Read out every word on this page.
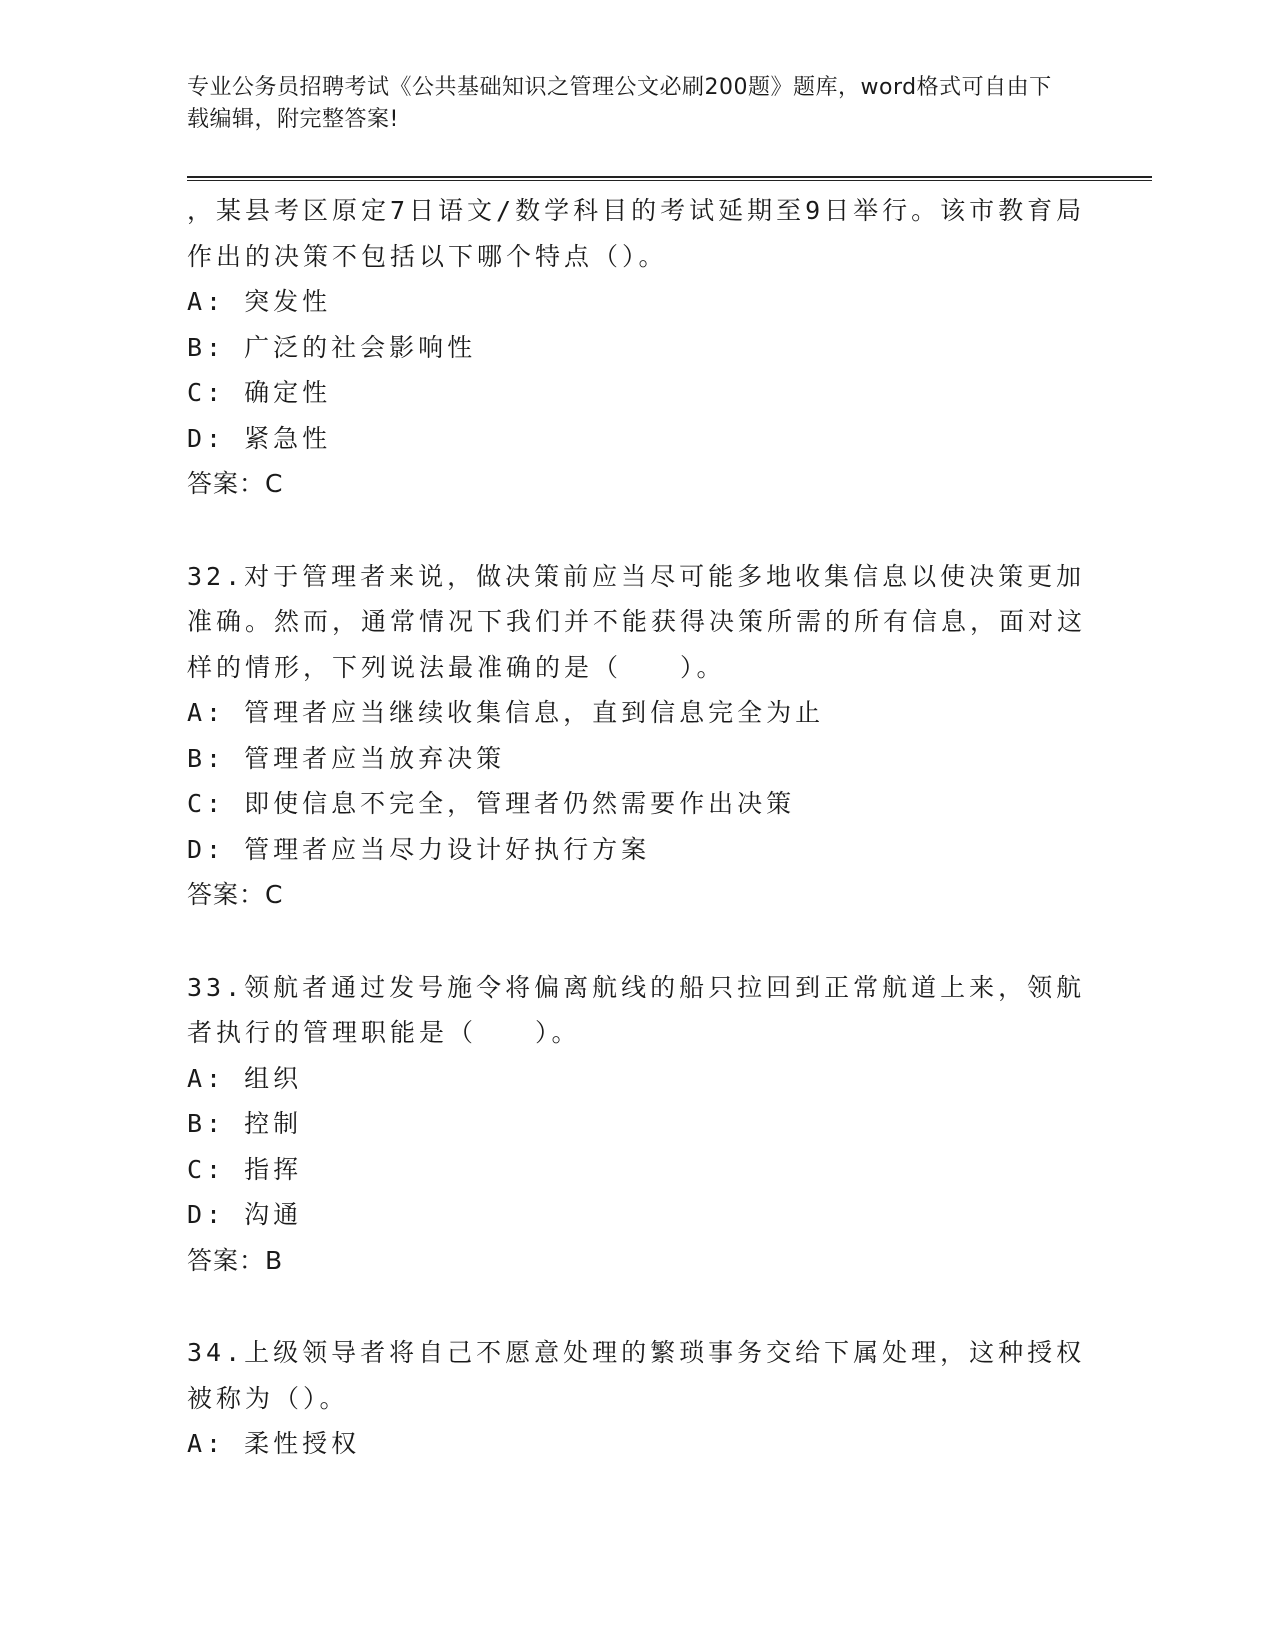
专业公务员招聘考试《公共基础知识之管理公文必刷200题》题库，word格式可自由下载编辑，附完整答案!
，某县考区原定7日语文/数学科目的考试延期至9日举行。该市教育局作出的决策不包括以下哪个特点（）。
A: 突发性
B: 广泛的社会影响性
C: 确定性
D: 紧急性
答案：C
32.对于管理者来说，做决策前应当尽可能多地收集信息以使决策更加准确。然而，通常情况下我们并不能获得决策所需的所有信息，面对这样的情形，下列说法最准确的是（　　）。
A: 管理者应当继续收集信息，直到信息完全为止
B: 管理者应当放弃决策
C: 即使信息不完全，管理者仍然需要作出决策
D: 管理者应当尽力设计好执行方案
答案：C
33.领航者通过发号施令将偏离航线的船只拉回到正常航道上来，领航者执行的管理职能是（　　）。
A: 组织
B: 控制
C: 指挥
D: 沟通
答案：B
34.上级领导者将自己不愿意处理的繁琐事务交给下属处理，这种授权被称为（）。
A: 柔性授权
